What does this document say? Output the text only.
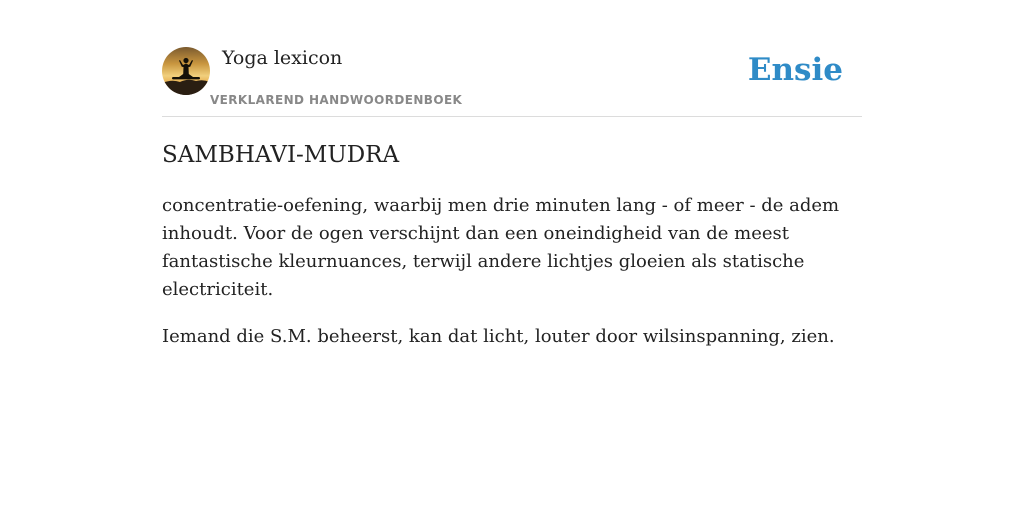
Yoga lexicon
VERKLAREND HANDWOORDENBOEK
Ensie
SAMBHAVI-MUDRA

concentratie-oefening, waarbij men drie minuten lang - of meer - de adem inhoudt. Voor de ogen verschijnt dan een oneindigheid van de meest fantastische kleurnuances, terwijl andere lichtjes gloeien als statische electriciteit.

Iemand die S.M. beheerst, kan dat licht, louter door wilsinspanning, zien.
